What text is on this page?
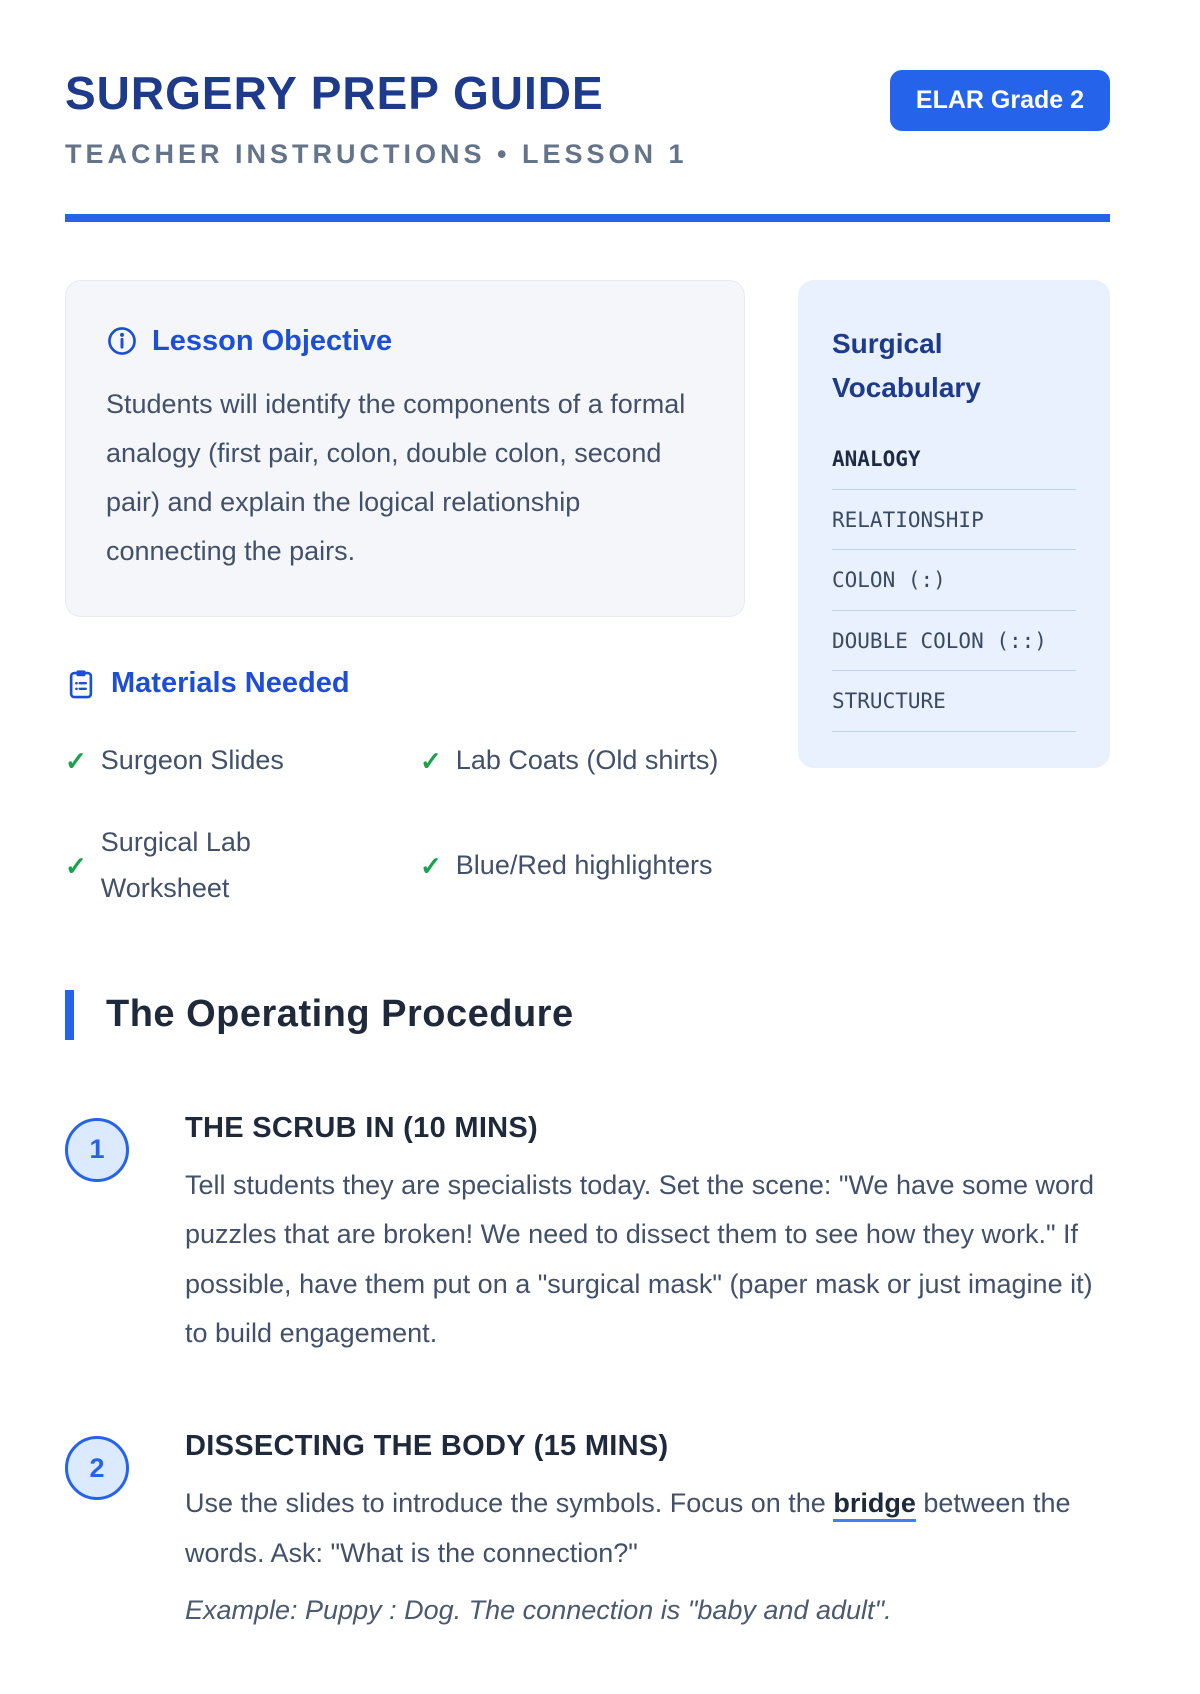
SURGERY PREP GUIDE
TEACHER INSTRUCTIONS • LESSON 1
ELAR Grade 2
Lesson Objective
Students will identify the components of a formal analogy (first pair, colon, double colon, second pair) and explain the logical relationship connecting the pairs.
Materials Needed
✓ Surgeon Slides	✓ Lab Coats (Old shirts)
✓
Surgical Lab Worksheet
✓ Blue/Red highlighters
Surgical Vocabulary
ANALOGY
RELATIONSHIP
COLON (:)
DOUBLE COLON (::)
STRUCTURE
The Operating Procedure
1
THE SCRUB IN (10 MINS)
Tell students they are specialists today. Set the scene: "We have some word puzzles that are broken! We need to dissect them to see how they work." If possible, have them put on a "surgical mask" (paper mask or just imagine it) to build engagement.
2
DISSECTING THE BODY (15 MINS)
Use the slides to introduce the symbols. Focus on the bridge between the words. Ask: "What is the connection?"
Example: Puppy : Dog. The connection is "baby and adult".
